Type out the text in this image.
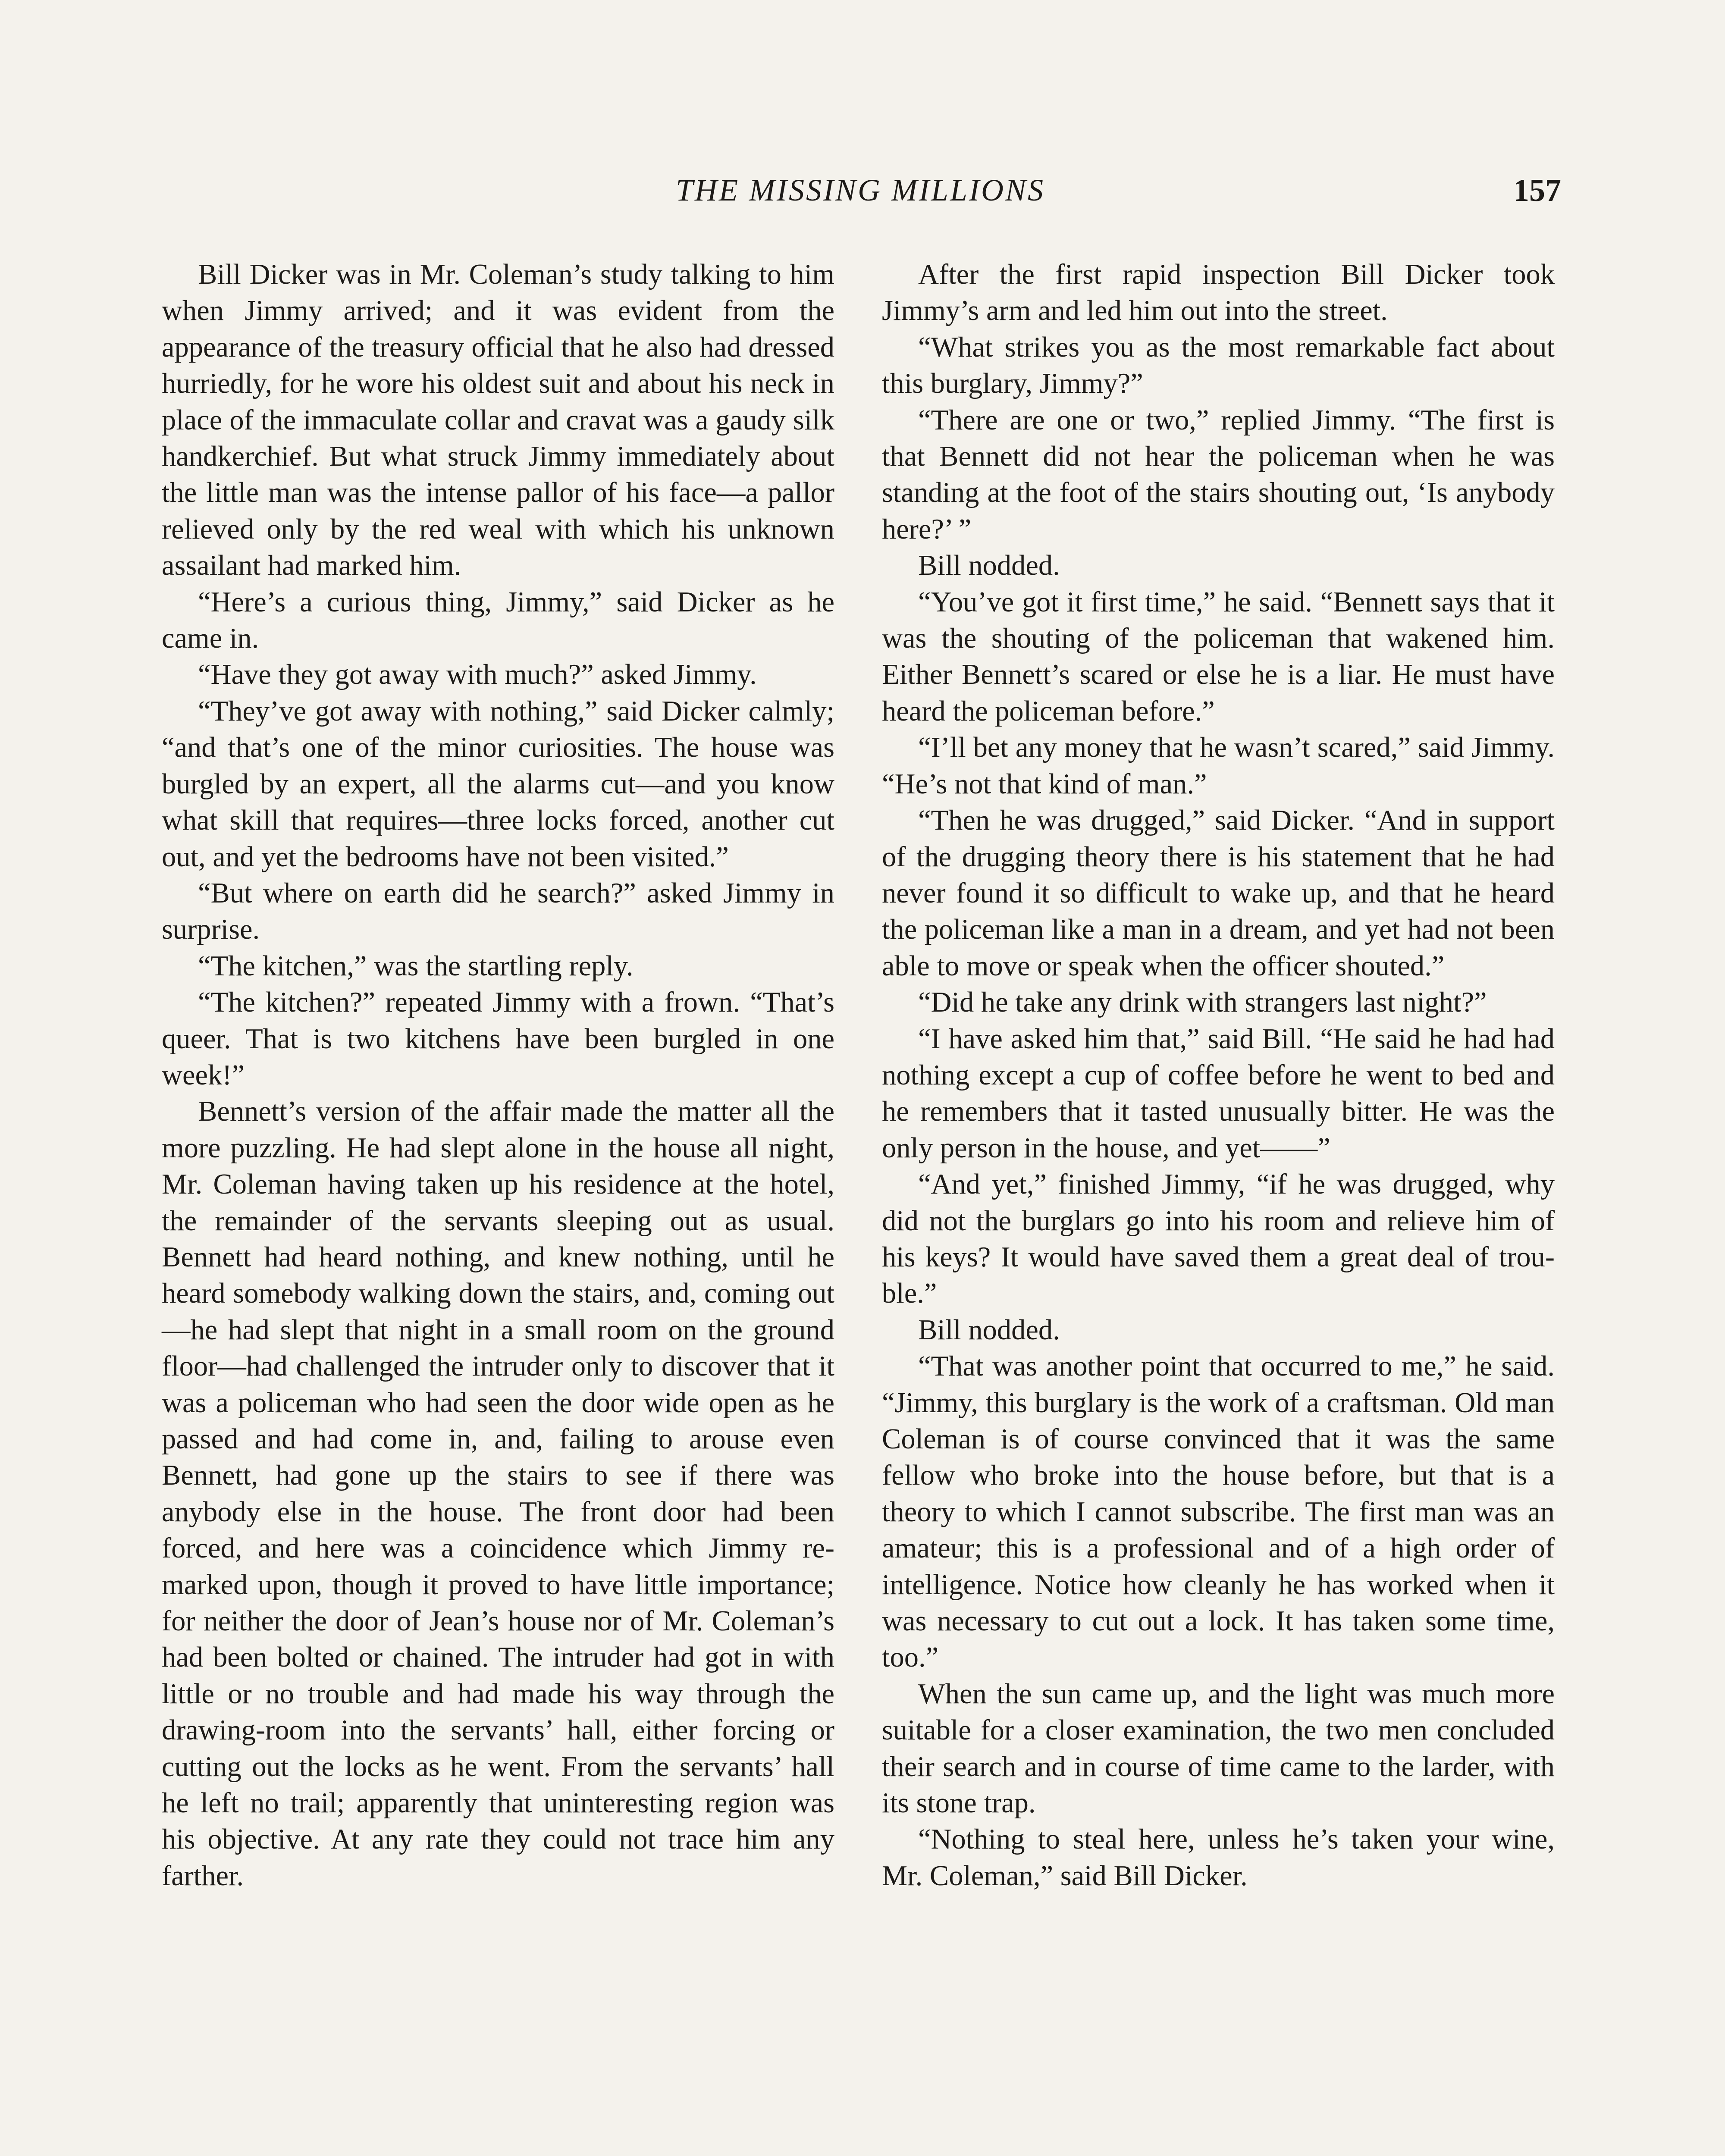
THE MISSING MILLIONS	157

Bill Dicker was in Mr. Coleman’s study talking to him when Jimmy arrived; and it was evident from the appearance of the treasury official that he also had dressed hurriedly, for he wore his oldest suit and about his neck in place of the immaculate collar and cravat was a gaudy silk handkerchief. But what struck Jimmy immediately about the little man was the intense pallor of his face—a pallor relieved only by the red weal with which his unknown assailant had marked him.

“Here’s a curious thing, Jimmy,” said Dicker as he came in.

“Have they got away with much?” asked Jimmy.

“They’ve got away with nothing,” said Dicker calmly; “and that’s one of the minor curiosities. The house was burgled by an expert, all the alarms cut—and you know what skill that requires—three locks forced, another cut out, and yet the bedrooms have not been visited.”

“But where on earth did he search?” asked Jimmy in surprise.

“The kitchen,” was the startling reply.

“The kitchen?” repeated Jimmy with a frown. “That’s queer. That is two kitchens have been burgled in one week!”

Bennett’s version of the affair made the matter all the more puzzling. He had slept alone in the house all night, Mr. Coleman having taken up his residence at the hotel, the remainder of the servants sleeping out as usual. Bennett had heard nothing, and knew nothing, until he heard somebody walking down the stairs, and, coming out—he had slept that night in a small room on the ground floor—had challenged the intruder only to discover that it was a policeman who had seen the door wide open as he passed and had come in, and, failing to arouse even Bennett, had gone up the stairs to see if there was anybody else in the house. The front door had been forced, and here was a coincidence which Jimmy remarked upon, though it proved to have little importance; for neither the door of Jean’s house nor of Mr. Coleman’s had been bolted or chained. The intruder had got in with little or no trouble and had made his way through the drawing-room into the servants’ hall, either forcing or cutting out the locks as he went. From the servants’ hall he left no trail; apparently that uninteresting region was his objective. At any rate they could not trace him any farther.

After the first rapid inspection Bill Dicker took Jimmy’s arm and led him out into the street.

“What strikes you as the most remarkable fact about this burglary, Jimmy?”

“There are one or two,” replied Jimmy. “The first is that Bennett did not hear the policeman when he was standing at the foot of the stairs shouting out, ‘Is anybody here?’ ”

Bill nodded.

“You’ve got it first time,” he said. “Bennett says that it was the shouting of the policeman that wakened him. Either Bennett’s scared or else he is a liar. He must have heard the policeman before.”

“I’ll bet any money that he wasn’t scared,” said Jimmy. “He’s not that kind of man.”

“Then he was drugged,” said Dicker. “And in support of the drugging theory there is his statement that he had never found it so difficult to wake up, and that he heard the policeman like a man in a dream, and yet had not been able to move or speak when the officer shouted.”

“Did he take any drink with strangers last night?”

“I have asked him that,” said Bill. “He said he had had nothing except a cup of coffee before he went to bed and he remembers that it tasted unusually bitter. He was the only person in the house, and yet——”

“And yet,” finished Jimmy, “if he was drugged, why did not the burglars go into his room and relieve him of his keys? It would have saved them a great deal of trouble.”

Bill nodded.

“That was another point that occurred to me,” he said. “Jimmy, this burglary is the work of a craftsman. Old man Coleman is of course convinced that it was the same fellow who broke into the house before, but that is a theory to which I cannot subscribe. The first man was an amateur; this is a professional and of a high order of intelligence. Notice how cleanly he has worked when it was necessary to cut out a lock. It has taken some time, too.”

When the sun came up, and the light was much more suitable for a closer examination, the two men concluded their search and in course of time came to the larder, with its stone trap.

“Nothing to steal here, unless he’s taken your wine, Mr. Coleman,” said Bill Dicker.
